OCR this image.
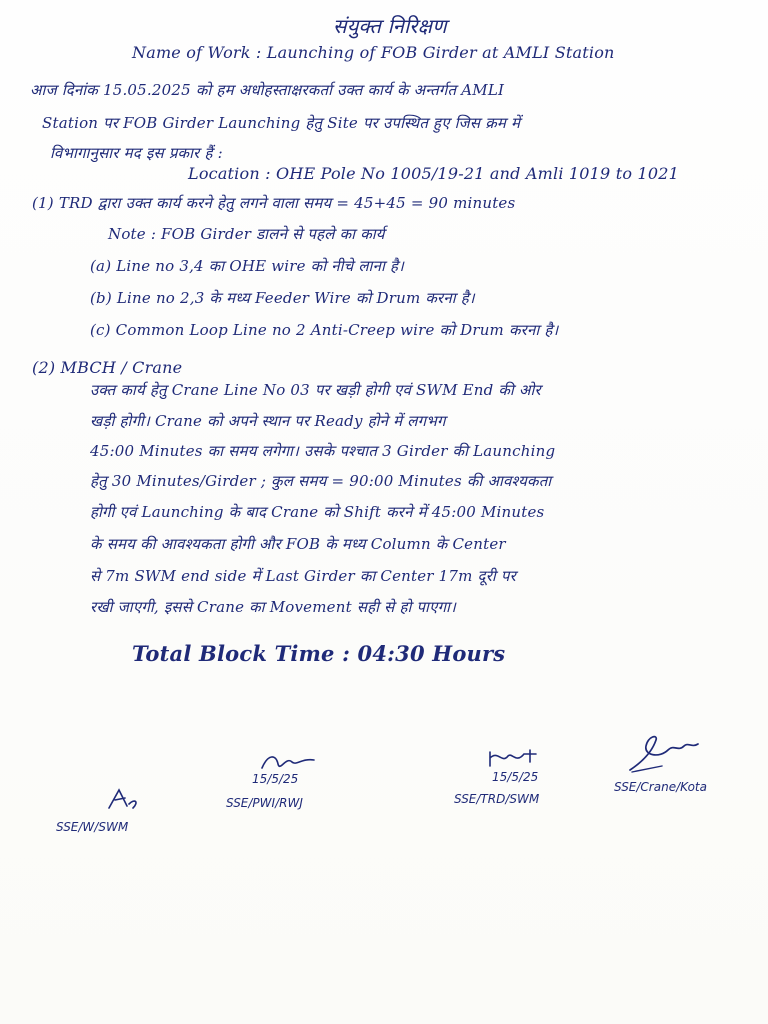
संयुक्त निरिक्षण
Name of Work : Launching of FOB Girder at AMLI Station
आज दिनांक 15.05.2025 को हम अधोहस्ताक्षरकर्ता उक्त कार्य के अन्तर्गत AMLI
Station पर FOB Girder Launching हेतु Site पर उपस्थित हुए जिस क्रम में
विभागानुसार मद इस प्रकार हैं :
Location : OHE Pole No 1005/19-21 and Amli 1019 to 1021
(1) TRD द्वारा उक्त कार्य करने हेतु लगने वाला समय = 45+45 = 90 minutes
Note : FOB Girder डालने से पहले का कार्य
(a) Line no 3,4 का OHE wire को नीचे लाना है।
(b) Line no 2,3 के मध्य Feeder Wire को Drum करना है।
(c) Common Loop Line no 2 Anti-Creep wire को Drum करना है।
(2) MBCH / Crane
उक्त कार्य हेतु Crane Line No 03 पर खड़ी होगी एवं SWM End की ओर
खड़ी होगी। Crane को अपने स्थान पर Ready होने में लगभग
45:00 Minutes का समय लगेगा। उसके पश्चात 3 Girder की Launching
हेतु 30 Minutes/Girder ; कुल समय = 90:00 Minutes की आवश्यकता
होगी एवं Launching के बाद Crane को Shift करने में 45:00 Minutes
के समय की आवश्यकता होगी और FOB के मध्य Column के Center
से 7m SWM end side में Last Girder का Center 17m दूरी पर
रखी जाएगी, इससे Crane का Movement सही से हो पाएगा।
Total Block Time : 04:30 Hours
SSE/W/SWM
15/5/25
SSE/PWI/RWJ
15/5/25
SSE/TRD/SWM
SSE/Crane/Kota
